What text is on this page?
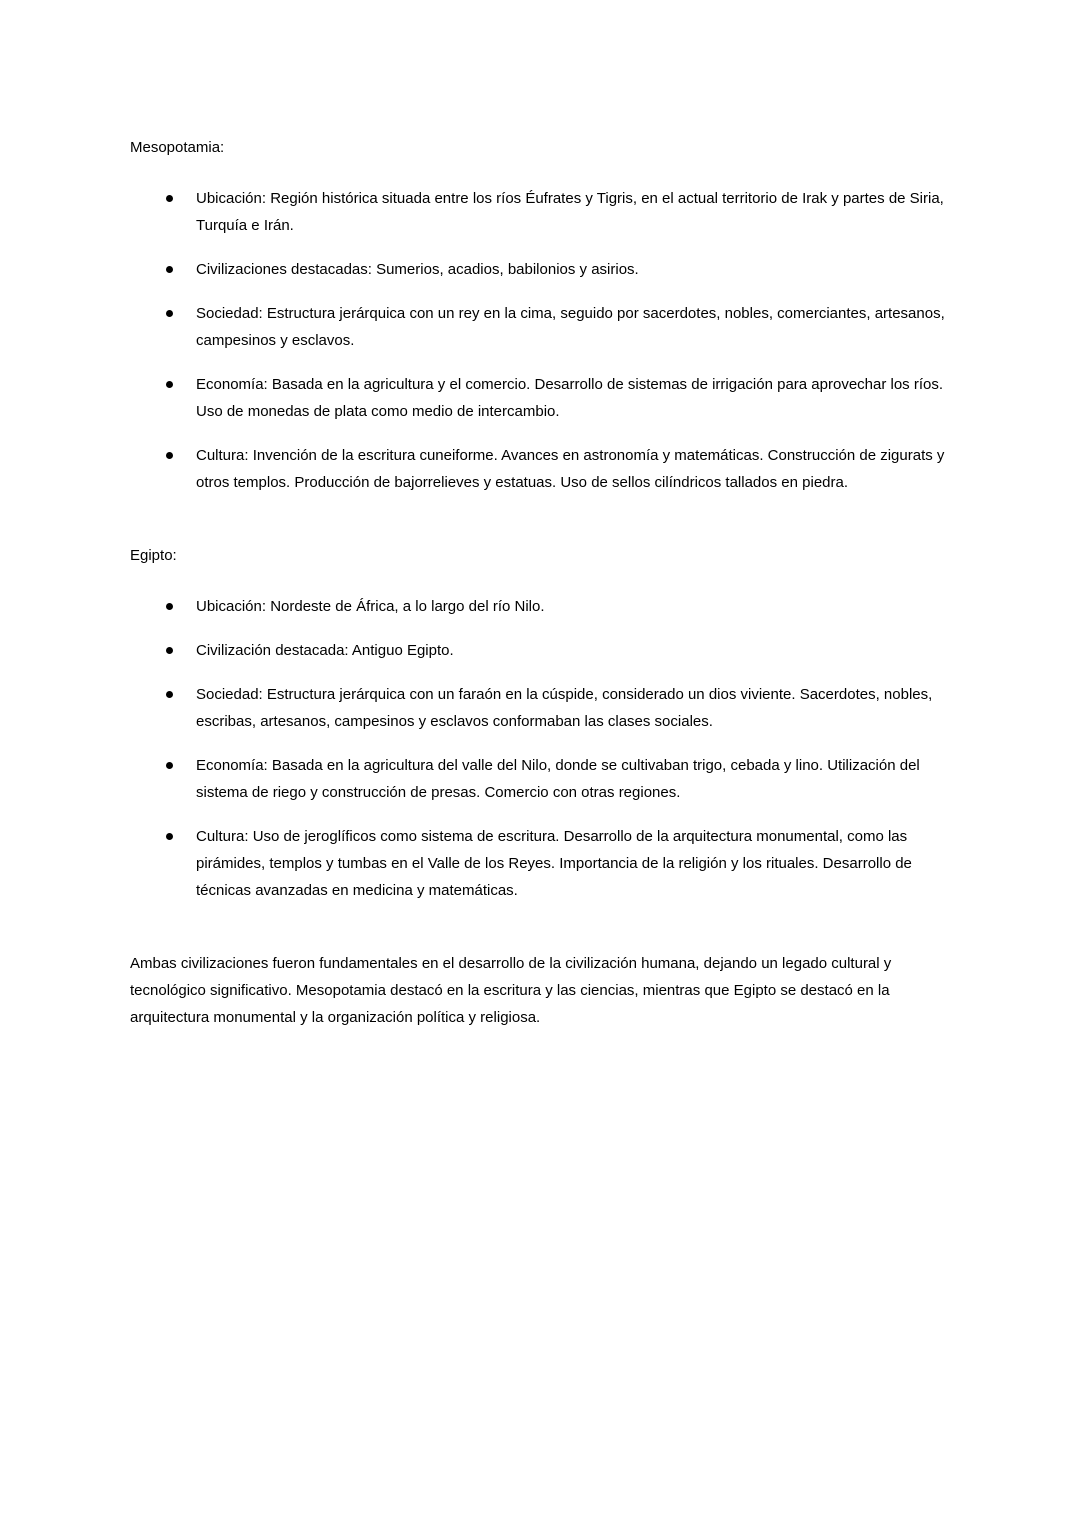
Mesopotamia:
Ubicación: Región histórica situada entre los ríos Éufrates y Tigris, en el actual territorio de Irak y partes de Siria, Turquía e Irán.
Civilizaciones destacadas: Sumerios, acadios, babilonios y asirios.
Sociedad: Estructura jerárquica con un rey en la cima, seguido por sacerdotes, nobles, comerciantes, artesanos, campesinos y esclavos.
Economía: Basada en la agricultura y el comercio. Desarrollo de sistemas de irrigación para aprovechar los ríos. Uso de monedas de plata como medio de intercambio.
Cultura: Invención de la escritura cuneiforme. Avances en astronomía y matemáticas. Construcción de zigurats y otros templos. Producción de bajorrelieves y estatuas. Uso de sellos cilíndricos tallados en piedra.
Egipto:
Ubicación: Nordeste de África, a lo largo del río Nilo.
Civilización destacada: Antiguo Egipto.
Sociedad: Estructura jerárquica con un faraón en la cúspide, considerado un dios viviente. Sacerdotes, nobles, escribas, artesanos, campesinos y esclavos conformaban las clases sociales.
Economía: Basada en la agricultura del valle del Nilo, donde se cultivaban trigo, cebada y lino. Utilización del sistema de riego y construcción de presas. Comercio con otras regiones.
Cultura: Uso de jeroglíficos como sistema de escritura. Desarrollo de la arquitectura monumental, como las pirámides, templos y tumbas en el Valle de los Reyes. Importancia de la religión y los rituales. Desarrollo de técnicas avanzadas en medicina y matemáticas.

Ambas civilizaciones fueron fundamentales en el desarrollo de la civilización humana, dejando un legado cultural y tecnológico significativo. Mesopotamia destacó en la escritura y las ciencias, mientras que Egipto se destacó en la arquitectura monumental y la organización política y religiosa.
